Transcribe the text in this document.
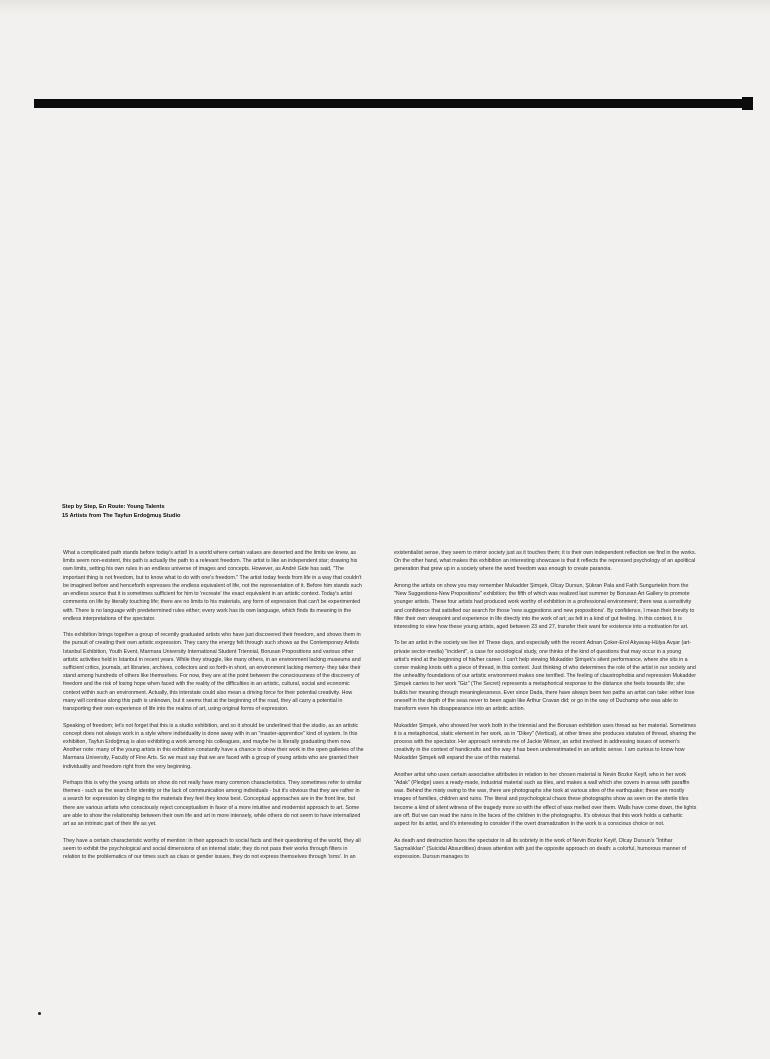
Step by Step, En Route: Young Talents
15 Artists from The Tayfun Erdoğmuş Studio

What a complicated path stands before today's artist! In a world where certain values are deserted and the limits we knew, as limits seem non-existent, this path is actually the path to a relevant freedom. The artist is like an independent star; drawing his own limits, setting his own rules in an endless universe of images and concepts. However, as André Gide has said, "The important thing is not freedom, but to know what to do with one's freedom." The artist today feeds from life in a way that couldn't be imagined before and henceforth expresses the endless equivalent of life, not the representation of it. Before him stands such an endless source that it is sometimes sufficient for him to 'recreate' the exact equivalent in an artistic context. Today's artist comments on life by literally touching life; there are no limits to his materials, any form of expression that can't be experimented with. There is no language with predetermined rules either; every work has its own language, which finds its meaning in the endless interpretations of the spectator.

This exhibition brings together a group of recently graduated artists who have just discovered their freedom, and shows them in the pursuit of creating their own artistic expression. They carry the energy felt through such shows as the Contemporary Artists Istanbul Exhibition, Youth Event, Marmara University International Student Triennial, Borusan Propositions and various other artistic activities held in Istanbul in recent years. While they struggle, like many others, in an environment lacking museums and sufficient critics, journals, art libraries, archives, collectors and so forth-in short, an environment lacking memory- they take their stand among hundreds of others like themselves. For now, they are at the point between the consciousness of the discovery of freedom and the risk of losing hope when faced with the reality of the difficulties in an artistic, cultural, social and economic context within such an environment. Actually, this interstate could also mean a driving force for their potential creativity. How many will continue along this path is unknown, but it seems that at the beginning of the road, they all carry a potential in transporting their own experience of life into the realms of art, using original forms of expression.

Speaking of freedom; let's not forget that this is a studio exhibition, and so it should be underlined that the studio, as an artistic concept does not always work in a style where individuality is done away with in an "master-apprentice" kind of system. In this exhibition, Tayfun Erdoğmuş is also exhibiting a work among his colleagues, and maybe he is literally graduating them now. Another note: many of the young artists in this exhibition constantly have a chance to show their work in the open galleries of the Marmara University, Faculty of Fine Arts. So we must say that we are faced with a group of young artists who are granted their individuality and freedom right from the very beginning.

Perhaps this is why the young artists on show do not really have many common characteristics. They sometimes refer to similar themes - such as the search for identity or the lack of communication among individuals - but it's obvious that they are rather in a search for expression by clinging to the materials they feel they know best. Conceptual approaches are in the front line, but there are various artists who consciously reject conceptualism in favor of a more intuitive and modernist approach to art. Some are able to show the relationship between their own life and art in more intensely, while others do not seem to have internalized art as an intrinsic part of their life as yet.

They have a certain characteristic worthy of mention: in their approach to social facts and their questioning of the world, they all seem to exhibit the psychological and social dimensions of an internal state; they do not pass their works through filters in relation to the problematics of our times such as class or gender issues, they do not express themselves through 'isms'. In an

existentialist sense, they seem to mirror society just as it touches them; it is their own independent reflection we find in the works. On the other hand, what makes this exhibition an interesting showcase is that it reflects the repressed psychology of an apolitical generation that grew up in a society where the word freedom was enough to create paranoia.

Among the artists on show you may remember Mukadder Şimşek, Olcay Dursun, Şükran Pala and Fatih Sungurtekin from the "New Suggestions-New Propositions" exhibition; the fifth of which was realized last summer by Borusan Art Gallery to promote younger artists. These four artists had produced work worthy of exhibition in a professional environment; there was a sensitivity and confidence that satisfied our search for those 'new suggestions and new propositions'. By confidence, I mean their brevity to filter their own viewpoint and experience in life directly into the work of art; as felt in a kind of gut feeling. In this context, it is interesting to view how these young artists, aged between 23 and 27, transfer their want for existence into a motivation for art.

To be an artist in the society we live in! These days, and especially with the recent Adnan Çoker-Erol Akyavaş-Hülya Avşar (art-private sector-media) "incident", a case for sociological study, one thinks of the kind of questions that may occur in a young artist's mind at the beginning of his/her career. I can't help viewing Mukadder Şimşek's silent performance, where she sits in a corner making knots with a piece of thread, in this context. Just thinking of who determines the role of the artist in our society and the unhealthy foundations of our artistic environment makes one terrified. The feeling of claustrophobia and repression Mukadder Şimşek carries to her work "Giz" (The Secret) represents a metaphorical response to the distance she feels towards life; she builds her meaning through meaninglessness. Ever since Dada, there have always been two paths an artist can take: either lose oneself in the depth of the seas never to been again like Arthur Cravan did; or go in the way of Duchamp who was able to transform even his disappearance into an artistic action.

Mukadder Şimşek, who showed her work both in the triennial and the Borusan exhibition uses thread as her material. Sometimes it is a metaphorical, static element in her work, as in "Dikey" (Vertical), at other times she produces statutes of thread, sharing the process with the spectator. Her approach reminds me of Jackie Winsor, an artist involved in addressing issues of women's creativity in the context of handicrafts and the way it has been underestimated in an artistic sense. I am curious to know how Mukadder Şimşek will expand the use of this material.

Another artist who uses certain associative attributes in relation to her chosen material is Nevin Bozkır Keyif, who in her work "Adak" (Pledge) uses a ready-made, industrial material such as tiles, and makes a wall which she covers in areas with paraffin wax. Behind the misty owing to the wax, there are photographs she took at various sites of the earthquake; these are mostly images of families, children and ruins. The literal and psychological chaos these photographs show as seen on the sterile tiles become a kind of silent witness of the tragedy more so with the effect of wax melted over them. Walls have come down, the lights are off. But we can read the ruins in the faces of the children in the photographs. It's obvious that this work holds a cathartic aspect for its artist, and it's interesting to consider if the overt dramatization in the work is a conscious choice or not.

As death and destruction faces the spectator in all its sobriety in the work of Nevin Bozkır Keyif, Olcay Dursun's "İntihar Saçmalıkları" (Suicidal Absurdities) draws attention with just the opposite approach on death: a colorful, humorous manner of expression. Dursun manages to
